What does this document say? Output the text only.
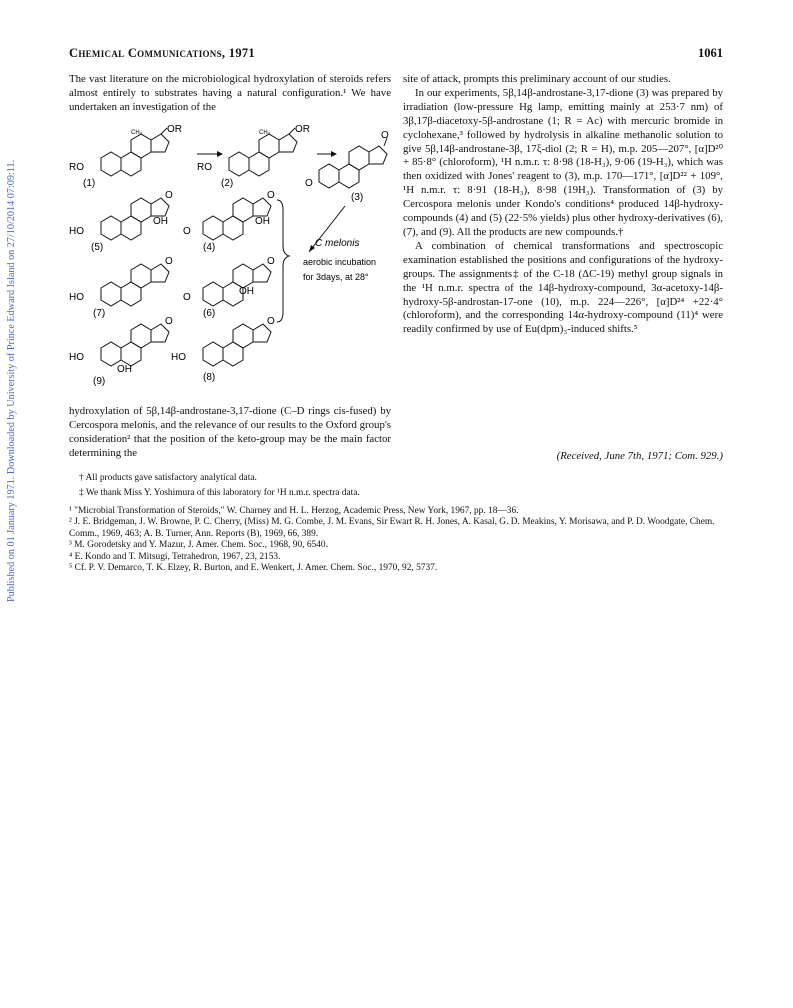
Published on 01 January 1971. Downloaded by University of Prince Edward Island on 27/10/2014 07:09:11.
Chemical Communications, 1971	1061

The vast literature on the microbiological hydroxylation of steroids refers almost entirely to substrates having a natural configuration.¹ We have undertaken an investigation of the

OR
RO
CH₃
(1)
OR
RO
CH₃
(2)
O
O
(3)
O
OH
HO
(5)
O
OH
O
(4)	C melonis
aerobic incubation
for 3days, at 28°
O
HO
(7)
O
OH
O
(6)
O
HO
OH
(9)
O
HO
(8)

hydroxylation of 5β,14β-androstane-3,17-dione (C–D rings cis-fused) by Cercospora melonis, and the relevance of our results to the Oxford group's consideration² that the position of the keto-group may be the main factor determining the

site of attack, prompts this preliminary account of our studies.

In our experiments, 5β,14β-androstane-3,17-dione (3) was prepared by irradiation (low-pressure Hg lamp, emitting mainly at 253·7 nm) of 3β,17β-diacetoxy-5β-androstane (1; R = Ac) with mercuric bromide in cyclohexane,³ followed by hydrolysis in alkaline methanolic solution to give 5β,14β-androstane-3β, 17ξ-diol (2; R = H), m.p. 205—207°, [α]D²⁰ + 85·8° (chloroform), ¹H n.m.r. τ: 8·98 (18-H₃), 9·06 (19-H₃), which was then oxidized with Jones' reagent to (3), m.p. 170—171°, [α]D²² + 109°, ¹H n.m.r. τ: 8·91 (18-H₃), 8·98 (19H₃). Transformation of (3) by Cercospora melonis under Kondo's conditions⁴ produced 14β-hydroxy-compounds (4) and (5) (22·5% yields) plus other hydroxy-derivatives (6), (7), and (9). All the products are new compounds.†

A combination of chemical transformations and spectroscopic examination established the positions and configurations of the hydroxy-groups. The assignments‡ of the C-18 (ΔC-19) methyl group signals in the ¹H n.m.r. spectra of the 14β-hydroxy-compound, 3α-acetoxy-14β-hydroxy-5β-androstan-17-one (10), m.p. 224—226°, [α]D²⁴ +22·4° (chloroform), and the corresponding 14α-hydroxy-compound (11)⁴ were readily confirmed by use of Eu(dpm)₃-induced shifts.⁵

(Received, June 7th, 1971; Com. 929.)

† All products gave satisfactory analytical data.

‡ We thank Miss Y. Yoshimura of this laboratory for ¹H n.m.r. spectra data.

¹ "Microbial Transformation of Steroids," W. Charney and H. L. Herzog, Academic Press, New York, 1967, pp. 18—36.

² J. E. Bridgeman, J. W. Browne, P. C. Cherry, (Miss) M. G. Combe, J. M. Evans, Sir Ewart R. H. Jones, A. Kasal, G. D. Meakins, Y. Morisawa, and P. D. Woodgate, Chem. Comm., 1969, 463; A. B. Turner, Ann. Reports (B), 1969, 66, 389.

³ M. Gorodetsky and Y. Mazur, J. Amer. Chem. Soc., 1968, 90, 6540.

⁴ E. Kondo and T. Mitsugi, Tetrahedron, 1967, 23, 2153.

⁵ Cf. P. V. Demarco, T. K. Elzey, R. Burton, and E. Wenkert, J. Amer. Chem. Soc., 1970, 92, 5737.
